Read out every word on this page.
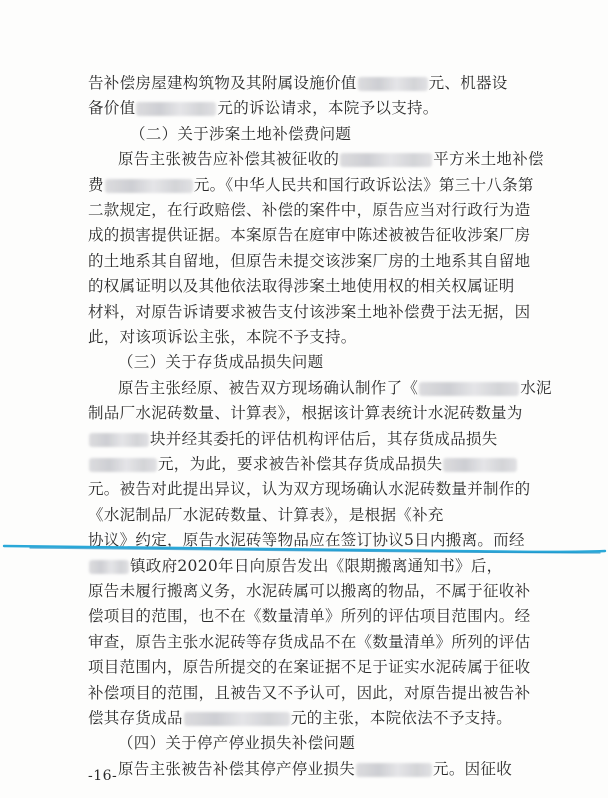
告补偿房屋建构筑物及其附属设施价值	元、机器设
备价值	元的诉讼请求，本院予以支持。
（二）关于涉案土地补偿费问题
原告主张被告应补偿其被征收的	平方米土地补偿
费	元。《中华人民共和国行政诉讼法》第三十八条第
二款规定，在行政赔偿、补偿的案件中，原告应当对行政行为造
成的损害提供证据。本案原告在庭审中陈述被被告征收涉案厂房
的土地系其自留地，但原告未提交该涉案厂房的土地系其自留地
的权属证明以及其他依法取得涉案土地使用权的相关权属证明
材料，对原告诉请要求被告支付该涉案土地补偿费于法无据，因
此，对该项诉讼主张，本院不予支持。
（三）关于存货成品损失问题
原告主张经原、被告双方现场确认制作了《	水泥
制品厂水泥砖数量、计算表》，根据该计算表统计水泥砖数量为
块并经其委托的评估机构评估后，其存货成品损失
元，为此，要求被告补偿其存货成品损失
元。被告对此提出异议，认为双方现场确认水泥砖数量并制作的
《水泥制品厂水泥砖数量、计算表》，是根据《补充
协议》约定，原告水泥砖等物品应在签订协议5日内搬离。而经
镇政府2020年日向原告发出《限期搬离通知书》后，
原告未履行搬离义务，水泥砖属可以搬离的物品，不属于征收补
偿项目的范围，也不在《数量清单》所列的评估项目范围内。经
审查，原告主张水泥砖等存货成品不在《数量清单》所列的评估
项目范围内，原告所提交的在案证据不足于证实水泥砖属于征收
补偿项目的范围，且被告又不予认可，因此，对原告提出被告补
偿其存货成品	元的主张，本院依法不予支持。
（四）关于停产停业损失补偿问题
原告主张被告补偿其停产停业损失	元。因征收
-16-
